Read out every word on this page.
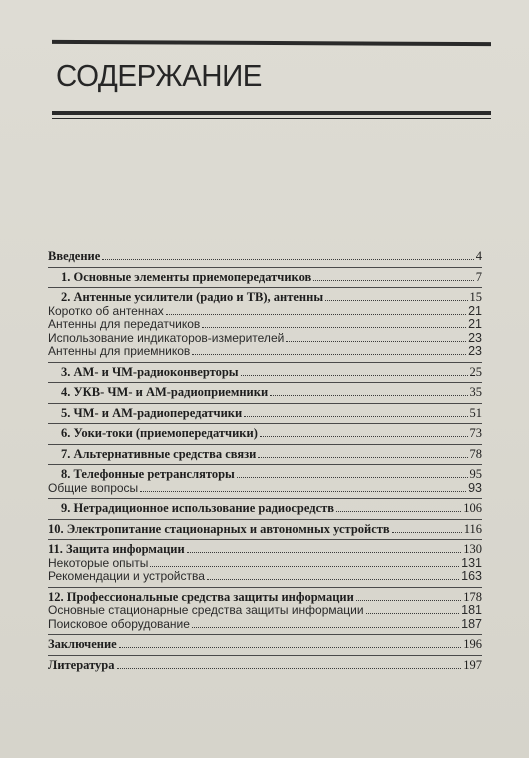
СОДЕРЖАНИЕ
Введение	4
1. Основные элементы приемопередатчиков	7
2. Антенные усилители (радио и ТВ), антенны	15
Коротко об антеннах	21
Антенны для передатчиков	21
Использование индикаторов-измерителей	23
Антенны для приемников	23
3. АМ- и ЧМ-радиоконверторы	25
4. УКВ- ЧМ- и АМ-радиоприемники	35
5. ЧМ- и АМ-радиопередатчики	51
6. Уоки-токи (приемопередатчики)	73
7. Альтернативные средства связи	78
8. Телефонные ретрансляторы	95
Общие вопросы	93
9. Нетрадиционное использование радиосредств	106
10. Электропитание стационарных и автономных устройств	116
11. Защита информации	130
Некоторые опыты	131
Рекомендации и устройства	163
12. Профессиональные средства защиты информации	178
Основные стационарные средства защиты информации	181
Поисковое оборудование	187
Заключение	196
Литература	197
